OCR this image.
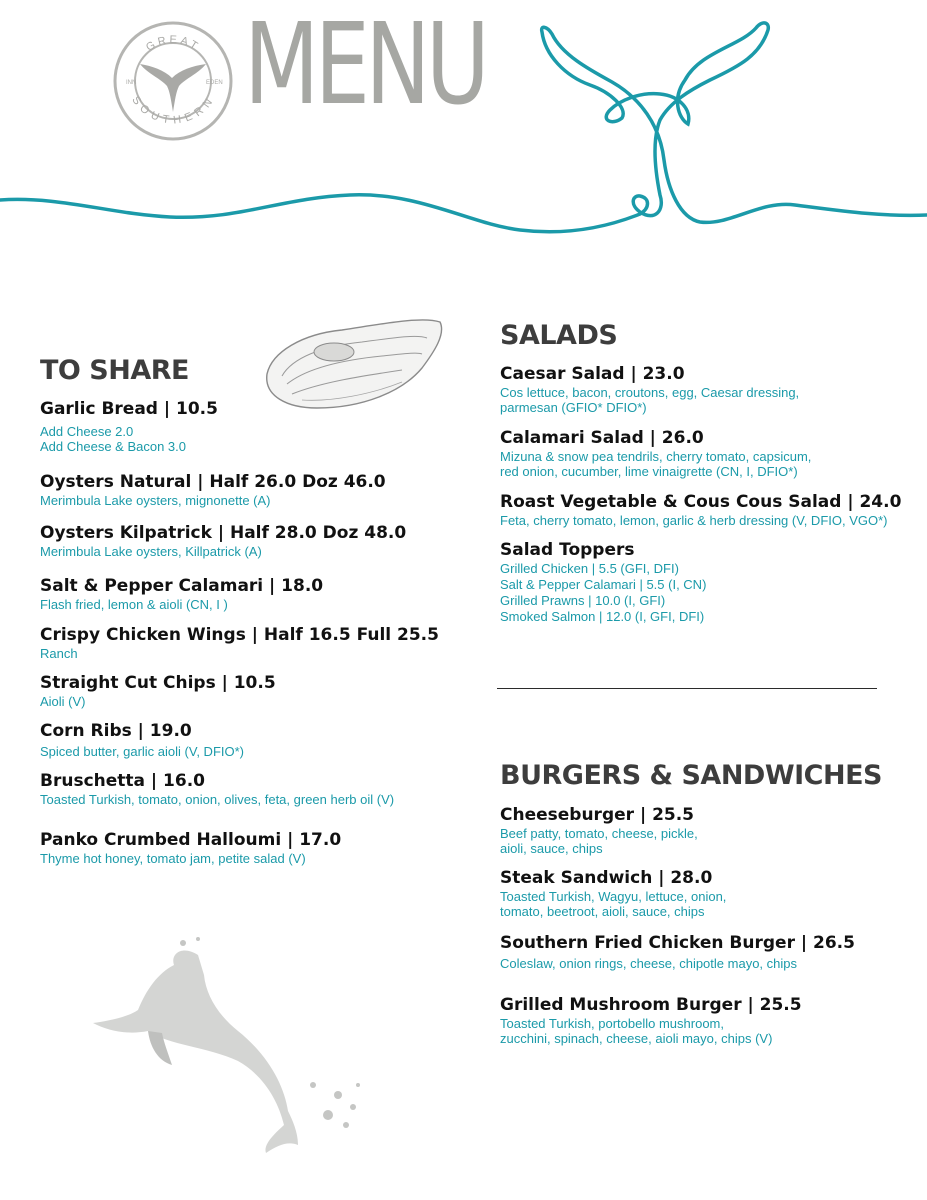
GREAT
SOUTHERN
INN	EDEN MENU
TO SHARE

Garlic Bread | 10.5

Add Cheese 2.0

Add Cheese & Bacon 3.0

Oysters Natural | Half 26.0 Doz 46.0

Merimbula Lake oysters, mignonette (A)

Oysters Kilpatrick | Half 28.0 Doz 48.0

Merimbula Lake oysters, Killpatrick (A)

Salt & Pepper Calamari | 18.0

Flash fried, lemon & aioli (CN, I )

Crispy Chicken Wings | Half 16.5 Full 25.5

Ranch

Straight Cut Chips | 10.5

Aioli (V)

Corn Ribs | 19.0

Spiced butter, garlic aioli (V, DFIO*)

Bruschetta | 16.0

Toasted Turkish, tomato, onion, olives, feta, green herb oil (V)

Panko Crumbed Halloumi | 17.0

Thyme hot honey, tomato jam, petite salad (V)

SALADS

Caesar Salad | 23.0

Cos lettuce, bacon, croutons, egg, Caesar dressing,

parmesan (GFIO* DFIO*)

Calamari Salad | 26.0

Mizuna & snow pea tendrils, cherry tomato, capsicum,

red onion, cucumber, lime vinaigrette (CN, I, DFIO*)

Roast Vegetable & Cous Cous Salad | 24.0

Feta, cherry tomato, lemon, garlic & herb dressing (V, DFIO, VGO*)

Salad Toppers

Grilled Chicken | 5.5 (GFI, DFI)

Salt & Pepper Calamari | 5.5 (I, CN)

Grilled Prawns | 10.0 (I, GFI)

Smoked Salmon | 12.0 (I, GFI, DFI)

BURGERS & SANDWICHES

Cheeseburger | 25.5

Beef patty, tomato, cheese, pickle,

aioli, sauce, chips

Steak Sandwich | 28.0

Toasted Turkish, Wagyu, lettuce, onion,

tomato, beetroot, aioli, sauce, chips

Southern Fried Chicken Burger | 26.5

Coleslaw, onion rings, cheese, chipotle mayo, chips

Grilled Mushroom Burger | 25.5

Toasted Turkish, portobello mushroom,

zucchini, spinach, cheese, aioli mayo, chips (V)
